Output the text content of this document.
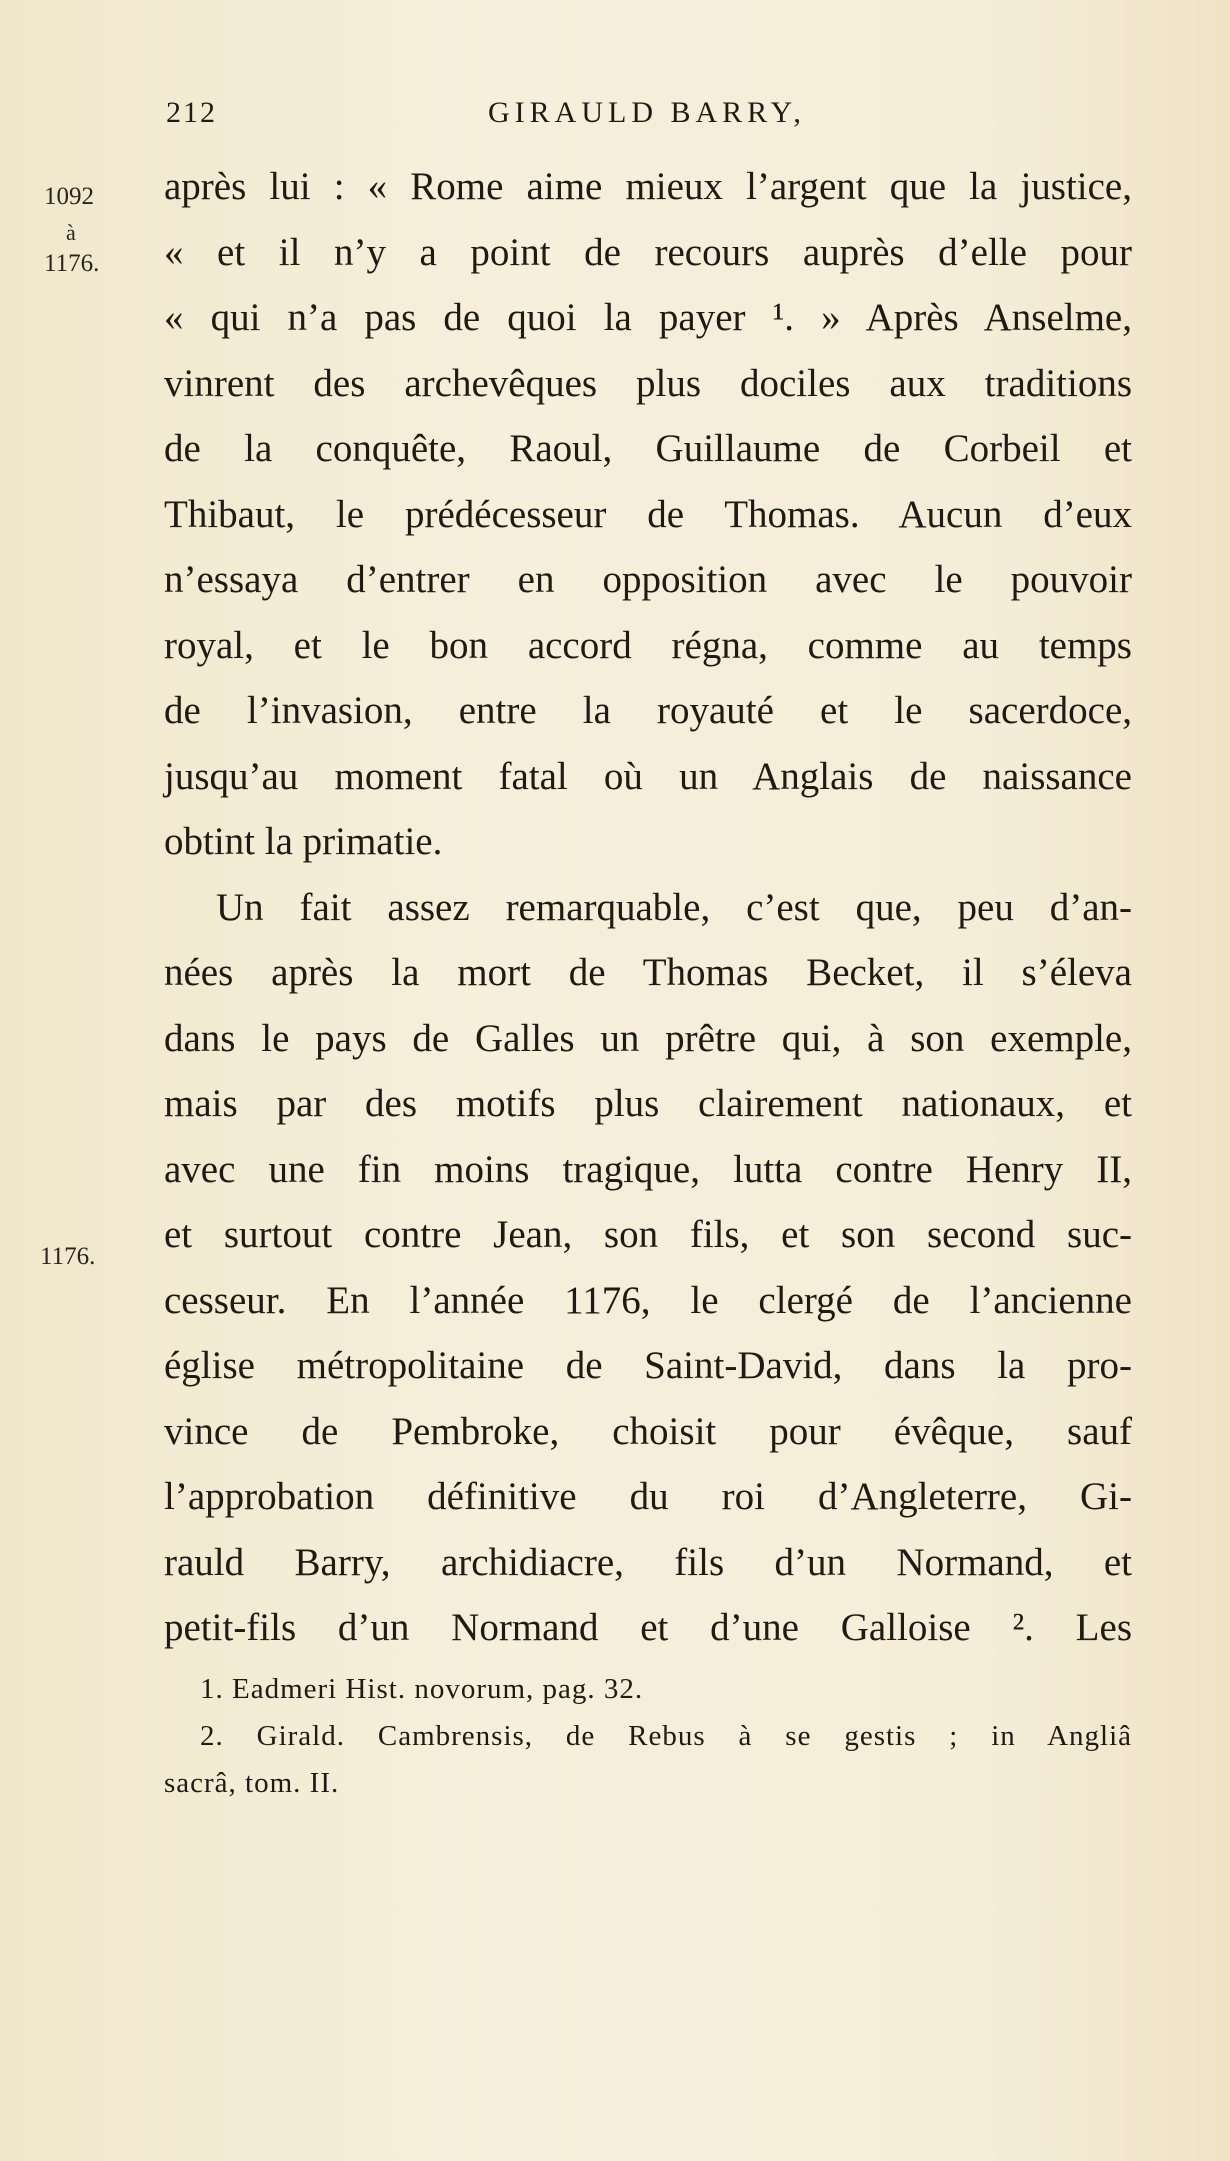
212	GIRAULD BARRY,
1092
à
1176.
1176.
après lui : « Rome aime mieux l’argent que la justice,
« et il n’y a point de recours auprès d’elle pour
« qui n’a pas de quoi la payer ¹. » Après Anselme,
vinrent des archevêques plus dociles aux traditions
de la conquête, Raoul, Guillaume de Corbeil et
Thibaut, le prédécesseur de Thomas. Aucun d’eux
n’essaya d’entrer en opposition avec le pouvoir
royal, et le bon accord régna, comme au temps
de l’invasion, entre la royauté et le sacerdoce,
jusqu’au moment fatal où un Anglais de naissance
obtint la primatie.
Un fait assez remarquable, c’est que, peu d’an-
nées après la mort de Thomas Becket, il s’éleva
dans le pays de Galles un prêtre qui, à son exemple,
mais par des motifs plus clairement nationaux, et
avec une fin moins tragique, lutta contre Henry II,
et surtout contre Jean, son fils, et son second suc-
cesseur. En l’année 1176, le clergé de l’ancienne
église métropolitaine de Saint-David, dans la pro-
vince de Pembroke, choisit pour évêque, sauf
l’approbation définitive du roi d’Angleterre, Gi-
rauld Barry, archidiacre, fils d’un Normand, et
petit-fils d’un Normand et d’une Galloise ². Les
1. Eadmeri Hist. novorum, pag. 32.
2. Girald. Cambrensis, de Rebus à se gestis ; in Angliâ
sacrâ, tom. II.
